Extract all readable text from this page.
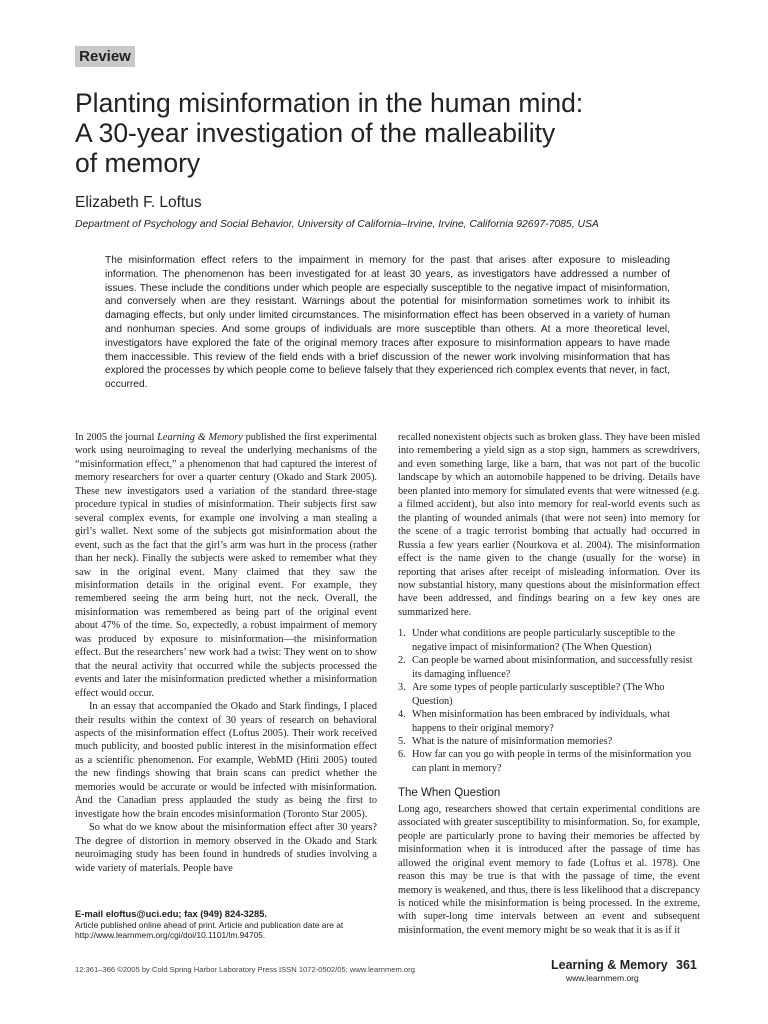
Review
Planting misinformation in the human mind:
A 30-year investigation of the malleability
of memory
Elizabeth F. Loftus
Department of Psychology and Social Behavior, University of California–Irvine, Irvine, California 92697-7085, USA
The misinformation effect refers to the impairment in memory for the past that arises after exposure to misleading information. The phenomenon has been investigated for at least 30 years, as investigators have addressed a number of issues. These include the conditions under which people are especially susceptible to the negative impact of misinformation, and conversely when are they resistant. Warnings about the potential for misinformation sometimes work to inhibit its damaging effects, but only under limited circumstances. The misinformation effect has been observed in a variety of human and nonhuman species. And some groups of individuals are more susceptible than others. At a more theoretical level, investigators have explored the fate of the original memory traces after exposure to misinformation appears to have made them inaccessible. This review of the field ends with a brief discussion of the newer work involving misinformation that has explored the processes by which people come to believe falsely that they experienced rich complex events that never, in fact, occurred.

In 2005 the journal Learning & Memory published the first experimental work using neuroimaging to reveal the underlying mechanisms of the “misinformation effect,” a phenomenon that had captured the interest of memory researchers for over a quarter century (Okado and Stark 2005). These new investigators used a variation of the standard three-stage procedure typical in studies of misinformation. Their subjects first saw several complex events, for example one involving a man stealing a girl’s wallet. Next some of the subjects got misinformation about the event, such as the fact that the girl’s arm was hurt in the process (rather than her neck). Finally the subjects were asked to remember what they saw in the original event. Many claimed that they saw the misinformation details in the original event. For example, they remembered seeing the arm being hurt, not the neck. Overall, the misinformation was remembered as being part of the original event about 47% of the time. So, expectedly, a robust impairment of memory was produced by exposure to misinformation—the misinformation effect. But the researchers’ new work had a twist: They went on to show that the neural activity that occurred while the subjects processed the events and later the misinformation predicted whether a misinformation effect would occur.

In an essay that accompanied the Okado and Stark findings, I placed their results within the context of 30 years of research on behavioral aspects of the misinformation effect (Loftus 2005). Their work received much publicity, and boosted public interest in the misinformation effect as a scientific phenomenon. For example, WebMD (Hitti 2005) touted the new findings showing that brain scans can predict whether the memories would be accurate or would be infected with misinformation. And the Canadian press applauded the study as being the first to investigate how the brain encodes misinformation (Toronto Star 2005).

So what do we know about the misinformation effect after 30 years? The degree of distortion in memory observed in the Okado and Stark neuroimaging study has been found in hundreds of studies involving a wide variety of materials. People have

recalled nonexistent objects such as broken glass. They have been misled into remembering a yield sign as a stop sign, hammers as screwdrivers, and even something large, like a barn, that was not part of the bucolic landscape by which an automobile happened to be driving. Details have been planted into memory for simulated events that were witnessed (e.g. a filmed accident), but also into memory for real-world events such as the planting of wounded animals (that were not seen) into memory for the scene of a tragic terrorist bombing that actually had occurred in Russia a few years earlier (Nourkova et al. 2004). The misinformation effect is the name given to the change (usually for the worse) in reporting that arises after receipt of misleading information. Over its now substantial history, many questions about the misinformation effect have been addressed, and findings bearing on a few key ones are summarized here.

1. Under what conditions are people particularly susceptible to the negative impact of misinformation? (The When Question)
2. Can people be warned about misinformation, and successfully resist its damaging influence?
3. Are some types of people particularly susceptible? (The Who Question)
4. When misinformation has been embraced by individuals, what happens to their original memory?
5. What is the nature of misinformation memories?
6. How far can you go with people in terms of the misinformation you can plant in memory?
The When Question

Long ago, researchers showed that certain experimental conditions are associated with greater susceptibility to misinformation. So, for example, people are particularly prone to having their memories be affected by misinformation when it is introduced after the passage of time has allowed the original event memory to fade (Loftus et al. 1978). One reason this may be true is that with the passage of time, the event memory is weakened, and thus, there is less likelihood that a discrepancy is noticed while the misinformation is being processed. In the extreme, with super-long time intervals between an event and subsequent misinformation, the event memory might be so weak that it is as if it

E-mail eloftus@uci.edu; fax (949) 824-3285.
Article published online ahead of print. Article and publication date are at
http://www.learnmem.org/cgi/doi/10.1101/lm.94705.
12:361–366 ©2005 by Cold Spring Harbor Laboratory Press ISSN 1072-0502/05; www.learnmem.org	Learning & Memory 361
www.learnmem.org
